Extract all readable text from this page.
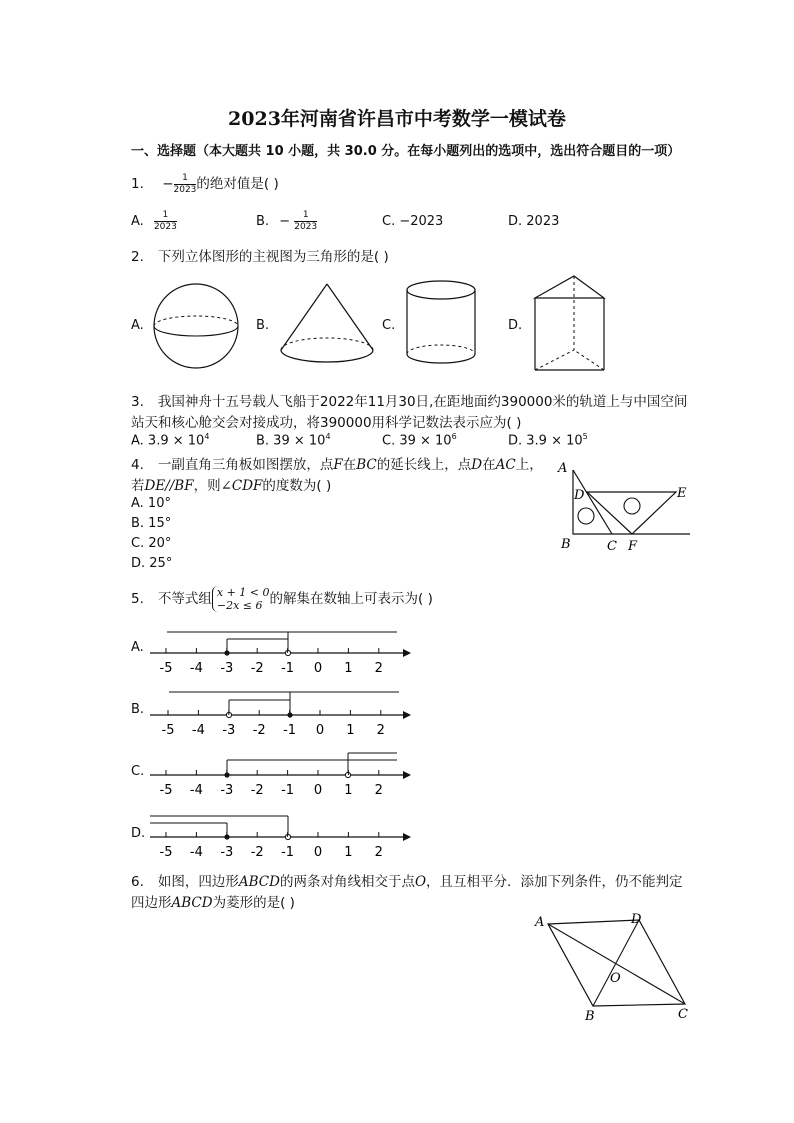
2023年河南省许昌市中考数学一模试卷
一、选择题（本大题共 10 小题，共 30.0 分。在每小题列出的选项中，选出符合题目的一项）
1. − $\frac{1}{2023}$ 的绝对值是( )
A. $\frac{1}{2023}$	B. − $\frac{1}{2023}$	C. −2023	D. 2023
2. 下列立体图形的主视图为三角形的是( )
A.	B.	C.	D.
3. 我国神舟十五号载人飞船于2022年11月30日,在距地面约390000米的轨道上与中国空间
站天和核心舱交会对接成功，将390000用科学记数法表示应为( )
A. $3.9 \times 10^4$	B. $39 \times 10^4$	C. $39 \times 10^6$	D. $3.9 \times 10^5$
4. 一副直角三角板如图摆放，点F在BC的延长线上，点D在AC上，
若DE//BF，则∠CDF的度数为( )
A. 10°
B. 15°
C. 20°
D. 25°
A
D	E
B	C F
5. 不等式组 x + 1 < 0
−2x ≤ 6 的解集在数轴上可表示为( )
A.
B.
C.
D.
-5 -4 -3 -2 -1 0 1 2
-5 -4 -3 -2 -1 0 1 2
-5 -4 -3 -2 -1 0 1 2
-5 -4 -3 -2 -1 0 1 2
6. 如图，四边形ABCD的两条对角线相交于点O，且互相平分．添加下列条件，仍不能判定
四边形ABCD为菱形的是( )
A	D
O
B	C
